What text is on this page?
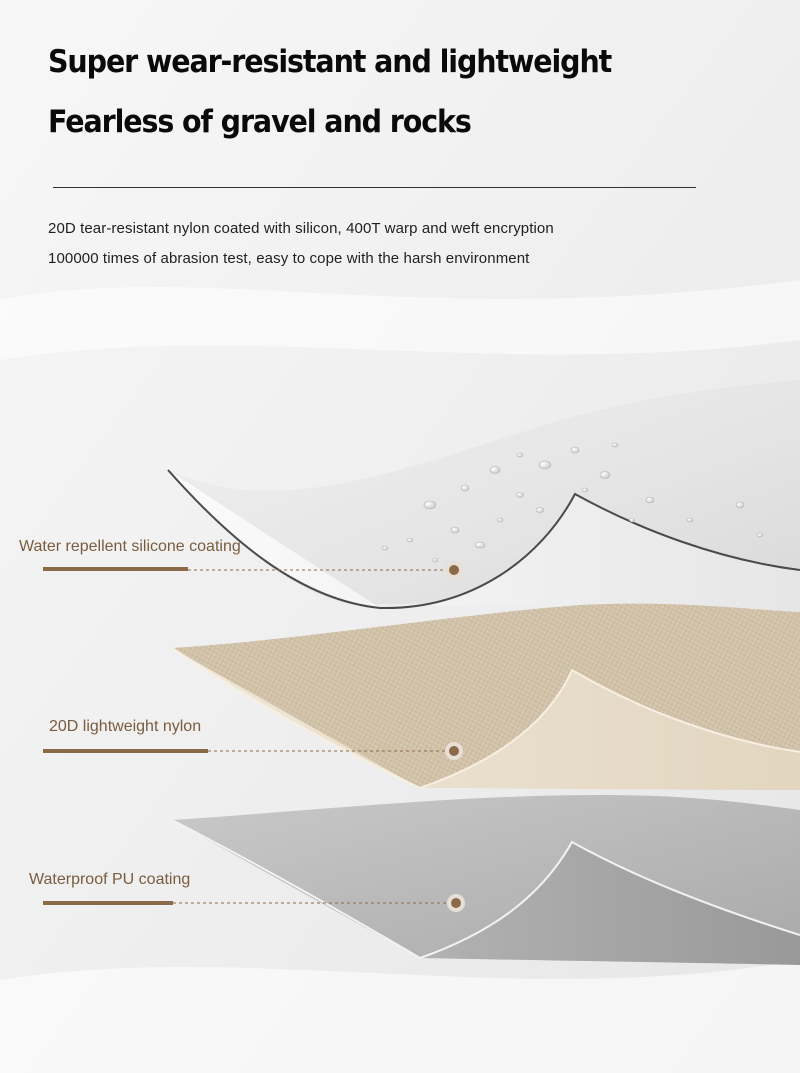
Super wear-resistant and lightweight
Fearless of gravel and rocks

20D tear-resistant nylon coated with silicon, 400T warp and weft encryption

100000 times of abrasion test, easy to cope with the harsh environment

Water repellent silicone coating

20D lightweight nylon

Waterproof PU coating
